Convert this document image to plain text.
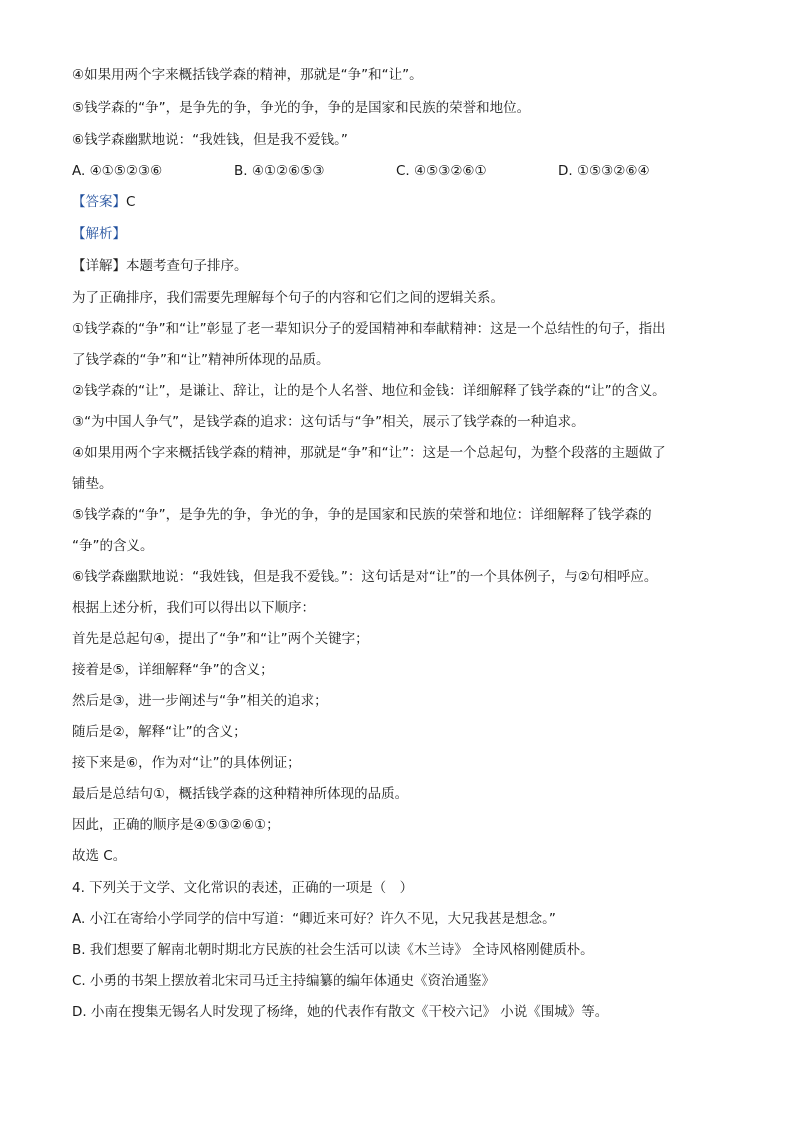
④如果用两个字来概括钱学森的精神，那就是“争”和“让”。
⑤钱学森的“争”，是争先的争，争光的争，争的是国家和民族的荣誉和地位。
⑥钱学森幽默地说：“我姓钱，但是我不爱钱。”
A. ④①⑤②③⑥	B. ④①②⑥⑤③	C. ④⑤③②⑥①	D. ①⑤③②⑥④
【答案】C
【解析】
【详解】本题考查句子排序。
为了正确排序，我们需要先理解每个句子的内容和它们之间的逻辑关系。
①钱学森的“争”和“让”彰显了老一辈知识分子的爱国精神和奉献精神：这是一个总结性的句子，指出
了钱学森的“争”和“让”精神所体现的品质。
②钱学森的“让”，是谦让、辞让，让的是个人名誉、地位和金钱：详细解释了钱学森的“让”的含义。
③“为中国人争气”，是钱学森的追求：这句话与“争”相关，展示了钱学森的一种追求。
④如果用两个字来概括钱学森的精神，那就是“争”和“让”：这是一个总起句，为整个段落的主题做了
铺垫。
⑤钱学森的“争”，是争先的争，争光的争，争的是国家和民族的荣誉和地位：详细解释了钱学森的
“争”的含义。
⑥钱学森幽默地说：“我姓钱，但是我不爱钱。”：这句话是对“让”的一个具体例子，与②句相呼应。
根据上述分析，我们可以得出以下顺序：
首先是总起句④，提出了“争”和“让”两个关键字；
接着是⑤，详细解释“争”的含义；
然后是③，进一步阐述与“争”相关的追求；
随后是②，解释“让”的含义；
接下来是⑥，作为对“让”的具体例证；
最后是总结句①，概括钱学森的这种精神所体现的品质。
因此，正确的顺序是④⑤③②⑥①；
故选 C。
4. 下列关于文学、文化常识的表述，正确的一项是（　）
A. 小江在寄给小学同学的信中写道：“卿近来可好？许久不见，大兄我甚是想念。”
B. 我们想要了解南北朝时期北方民族的社会生活可以读《木兰诗》 全诗风格刚健质朴。
C. 小勇的书架上摆放着北宋司马迁主持编纂的编年体通史《资治通鉴》
D. 小南在搜集无锡名人时发现了杨绛，她的代表作有散文《干校六记》 小说《围城》等。
